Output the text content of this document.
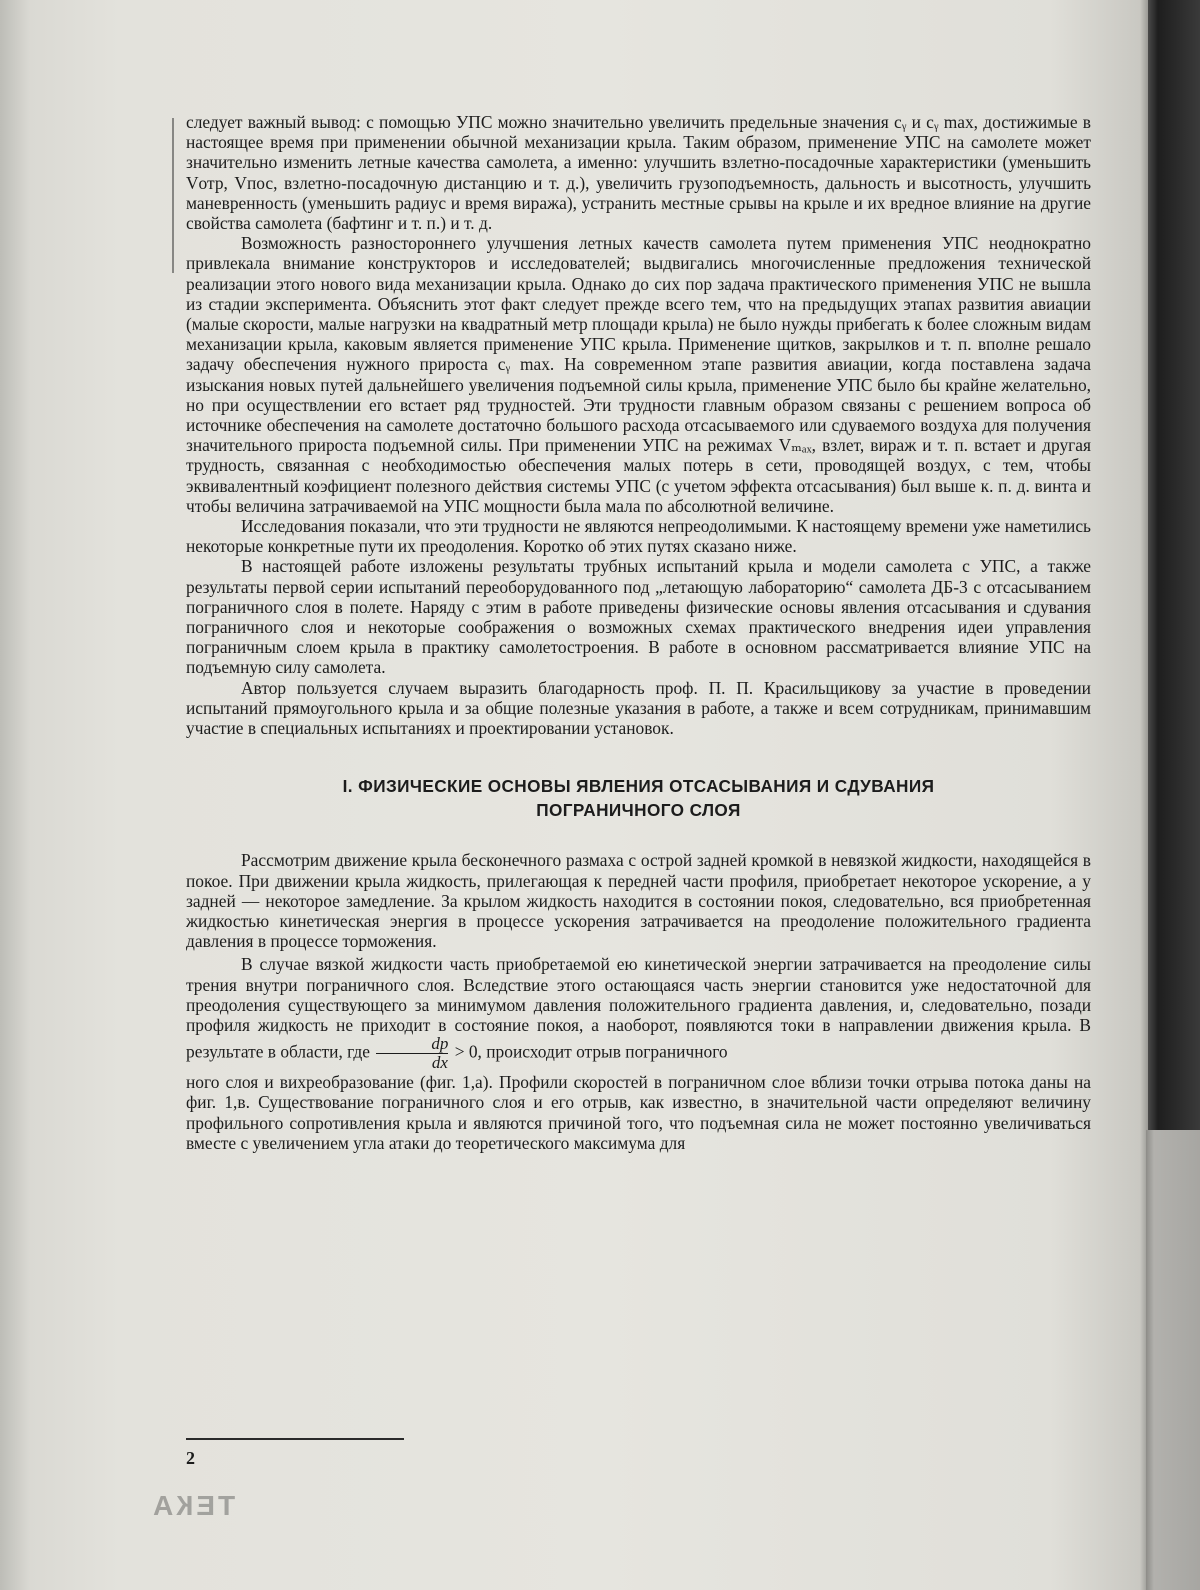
следует важный вывод: с помощью УПС можно значительно увеличить предельные значения cᵧ и cᵧ max, достижимые в настоящее время при применении обычной механизации крыла. Таким образом, применение УПС на самолете может значительно изменить летные качества самолета, а именно: улучшить взлетно-посадочные характеристики (уменьшить Vотр, Vпос, взлетно-посадочную дистанцию и т. д.), увеличить грузоподъемность, дальность и высотность, улучшить маневренность (уменьшить радиус и время виража), устранить местные срывы на крыле и их вредное влияние на другие свойства самолета (бафтинг и т. п.) и т. д.

Возможность разностороннего улучшения летных качеств самолета путем применения УПС неоднократно привлекала внимание конструкторов и исследователей; выдвигались многочисленные предложения технической реализации этого нового вида механизации крыла. Однако до сих пор задача практического применения УПС не вышла из стадии эксперимента. Объяснить этот факт следует прежде всего тем, что на предыдущих этапах развития авиации (малые скорости, малые нагрузки на квадратный метр площади крыла) не было нужды прибегать к более сложным видам механизации крыла, каковым является применение УПС крыла. Применение щитков, закрылков и т. п. вполне решало задачу обеспечения нужного прироста cᵧ max. На современном этапе развития авиации, когда поставлена задача изыскания новых путей дальнейшего увеличения подъемной силы крыла, применение УПС было бы крайне желательно, но при осуществлении его встает ряд трудностей. Эти трудности главным образом связаны с решением вопроса об источнике обеспечения на самолете достаточно большого расхода отсасываемого или сдуваемого воздуха для получения значительного прироста подъемной силы. При применении УПС на режимах Vₘₐₓ, взлет, вираж и т. п. встает и другая трудность, связанная с необходимостью обеспечения малых потерь в сети, проводящей воздух, с тем, чтобы эквивалентный коэфициент полезного действия системы УПС (с учетом эффекта отсасывания) был выше к. п. д. винта и чтобы величина затрачиваемой на УПС мощности была мала по абсолютной величине.

Исследования показали, что эти трудности не являются непреодолимыми. К настоящему времени уже наметились некоторые конкретные пути их преодоления. Коротко об этих путях сказано ниже.

В настоящей работе изложены результаты трубных испытаний крыла и модели самолета с УПС, а также результаты первой серии испытаний переоборудованного под „летающую лабораторию“ самолета ДБ-3 с отсасыванием пограничного слоя в полете. Наряду с этим в работе приведены физические основы явления отсасывания и сдувания пограничного слоя и некоторые соображения о возможных схемах практического внедрения идеи управления пограничным слоем крыла в практику самолетостроения. В работе в основном рассматривается влияние УПС на подъемную силу самолета.

Автор пользуется случаем выразить благодарность проф. П. П. Красильщикову за участие в проведении испытаний прямоугольного крыла и за общие полезные указания в работе, а также и всем сотрудникам, принимавшим участие в специальных испытаниях и проектировании установок.

I. ФИЗИЧЕСКИЕ ОСНОВЫ ЯВЛЕНИЯ ОТСАСЫВАНИЯ И СДУВАНИЯ
ПОГРАНИЧНОГО СЛОЯ

Рассмотрим движение крыла бесконечного размаха с острой задней кромкой в невязкой жидкости, находящейся в покое. При движении крыла жидкость, прилегающая к передней части профиля, приобретает некоторое ускорение, а у задней — некоторое замедление. За крылом жидкость находится в состоянии покоя, следовательно, вся приобретенная жидкостью кинетическая энергия в процессе ускорения затрачивается на преодоление положительного градиента давления в процессе торможения.

В случае вязкой жидкости часть приобретаемой ею кинетической энергии затрачивается на преодоление силы трения внутри пограничного слоя. Вследствие этого остающаяся часть энергии становится уже недостаточной для преодоления существующего за минимумом давления положительного градиента давления, и, следовательно, позади профиля жидкость не приходит в состояние покоя, а наоборот, появляются токи в направлении движения крыла. В результате в области, где $\frac{dp}{dx} > 0$, происходит отрыв пограничного

ного слоя и вихреобразование (фиг. 1,а). Профили скоростей в пограничном слое вблизи точки отрыва потока даны на фиг. 1,в. Существование пограничного слоя и его отрыв, как известно, в значительной части определяют величину профильного сопротивления крыла и являются причиной того, что подъемная сила не может постоянно увеличиваться вместе с увеличением угла атаки до теоретического максимума для

2
ТЕКА
